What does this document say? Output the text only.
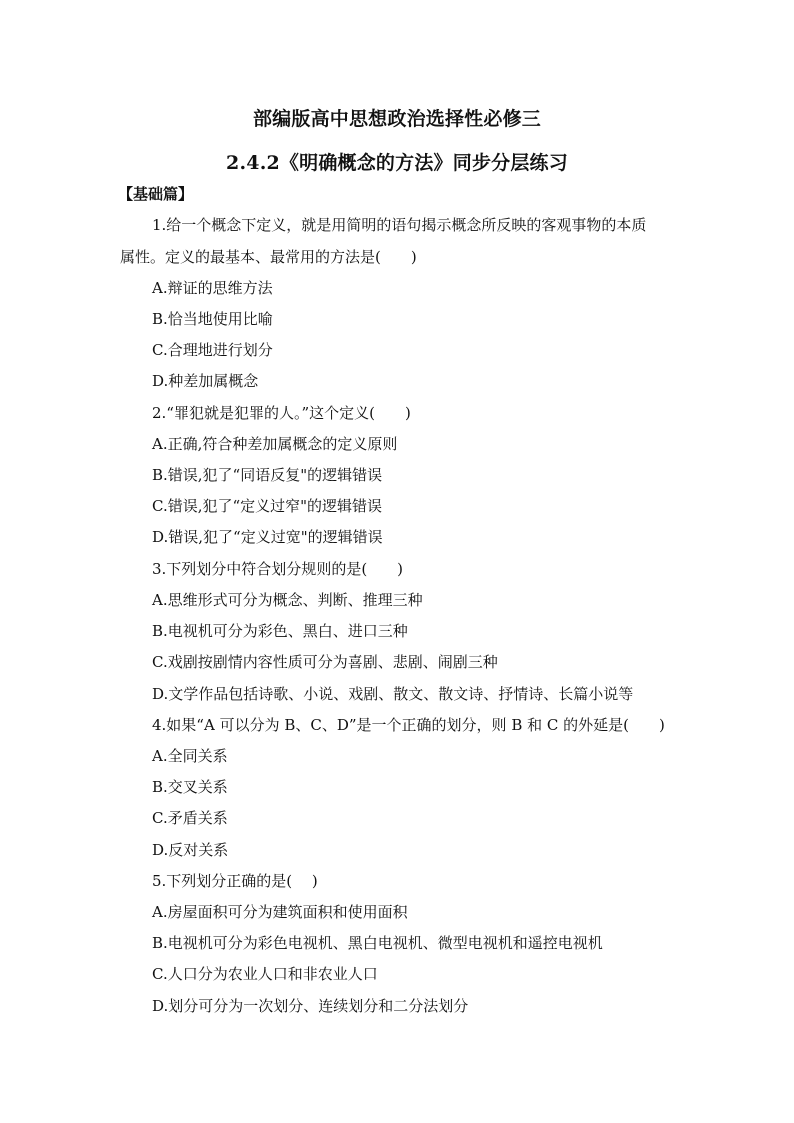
部编版高中思想政治选择性必修三
2.4.2《明确概念的方法》同步分层练习
【基础篇】
1.给一个概念下定义，就是用简明的语句揭示概念所反映的客观事物的本质
属性。定义的最基本、最常用的方法是(　　)
A.辩证的思维方法
B.恰当地使用比喻
C.合理地进行划分
D.种差加属概念
2.“罪犯就是犯罪的人。”这个定义(　　)
A.正确,符合种差加属概念的定义原则
B.错误,犯了“同语反复"的逻辑错误
C.错误,犯了“定义过窄"的逻辑错误
D.错误,犯了“定义过宽"的逻辑错误
3.下列划分中符合划分规则的是(　　)
A.思维形式可分为概念、判断、推理三种
B.电视机可分为彩色、黑白、进口三种
C.戏剧按剧情内容性质可分为喜剧、悲剧、闹剧三种
D.文学作品包括诗歌、小说、戏剧、散文、散文诗、抒情诗、长篇小说等
4.如果“A 可以分为 B、C、D”是一个正确的划分，则 B 和 C 的外延是(　　)
A.全同关系
B.交叉关系
C.矛盾关系
D.反对关系
5.下列划分正确的是(　 )
A.房屋面积可分为建筑面积和使用面积
B.电视机可分为彩色电视机、黑白电视机、微型电视机和遥控电视机
C.人口分为农业人口和非农业人口
D.划分可分为一次划分、连续划分和二分法划分
